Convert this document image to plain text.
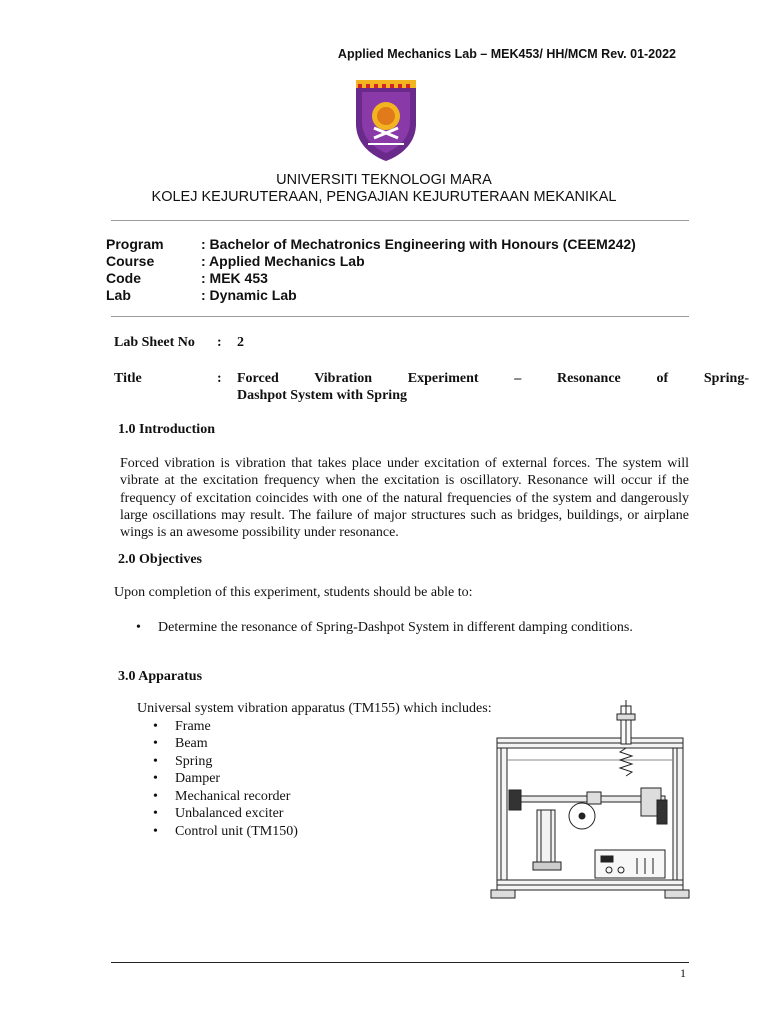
Applied Mechanics Lab – MEK453/ HH/MCM Rev. 01-2022
UNIVERSITI TEKNOLOGI MARA
KOLEJ KEJURUTERAAN, PENGAJIAN KEJURUTERAAN MEKANIKAL
Program	: Bachelor of Mechatronics Engineering with Honours (CEEM242)
Course	: Applied Mechanics Lab
Code	: MEK 453
Lab	: Dynamic Lab
Lab Sheet No : 2
Title	: Forced Vibration Experiment – Resonance of Spring-
Dashpot System with Spring
1.0 Introduction
Forced vibration is vibration that takes place under excitation of external forces. The system will vibrate at the excitation frequency when the excitation is oscillatory. Resonance will occur if the frequency of excitation coincides with one of the natural frequencies of the system and dangerously large oscillations may result. The failure of major structures such as bridges, buildings, or airplane wings is an awesome possibility under resonance.
2.0 Objectives
Upon completion of this experiment, students should be able to:
• Determine the resonance of Spring-Dashpot System in different damping conditions.
3.0 Apparatus
Universal system vibration apparatus (TM155) which includes:
• Frame
• Beam
• Spring
• Damper
• Mechanical recorder
• Unbalanced exciter
• Control unit (TM150)
1
